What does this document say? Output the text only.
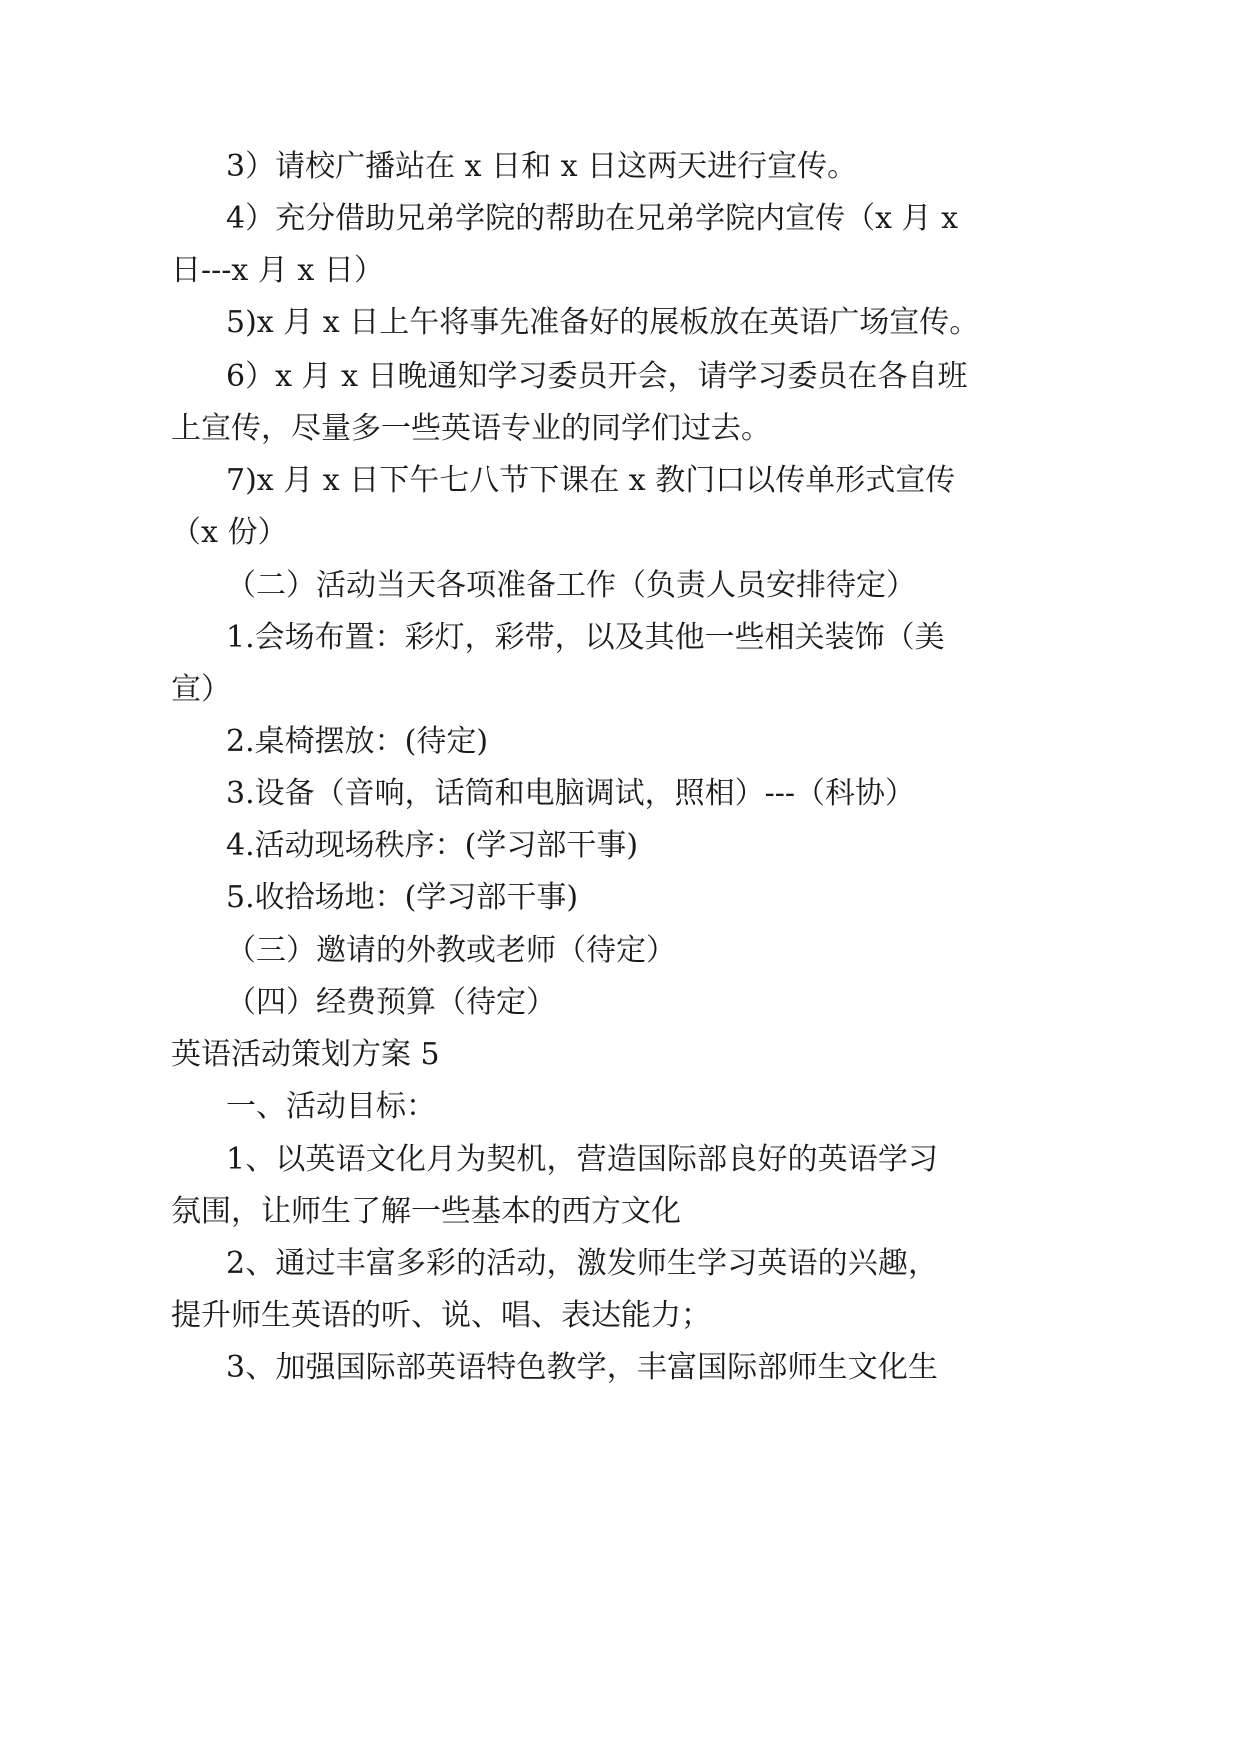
3）请校广播站在 x 日和 x 日这两天进行宣传。

4）充分借助兄弟学院的帮助在兄弟学院内宣传（x 月 x

日---x 月 x 日）

5)x 月 x 日上午将事先准备好的展板放在英语广场宣传。

6）x 月 x 日晚通知学习委员开会，请学习委员在各自班

上宣传，尽量多一些英语专业的同学们过去。

7)x 月 x 日下午七八节下课在 x 教门口以传单形式宣传

（x 份）

（二）活动当天各项准备工作（负责人员安排待定）

1.会场布置：彩灯，彩带，以及其他一些相关装饰（美

宣）

2.桌椅摆放：(待定)

3.设备（音响，话筒和电脑调试，照相）---（科协）

4.活动现场秩序：(学习部干事)

5.收拾场地：(学习部干事)

（三）邀请的外教或老师（待定）

（四）经费预算（待定）

英语活动策划方案 5

一、活动目标：

1、以英语文化月为契机，营造国际部良好的英语学习

氛围，让师生了解一些基本的西方文化

2、通过丰富多彩的活动，激发师生学习英语的兴趣，

提升师生英语的听、说、唱、表达能力；

3、加强国际部英语特色教学，丰富国际部师生文化生
